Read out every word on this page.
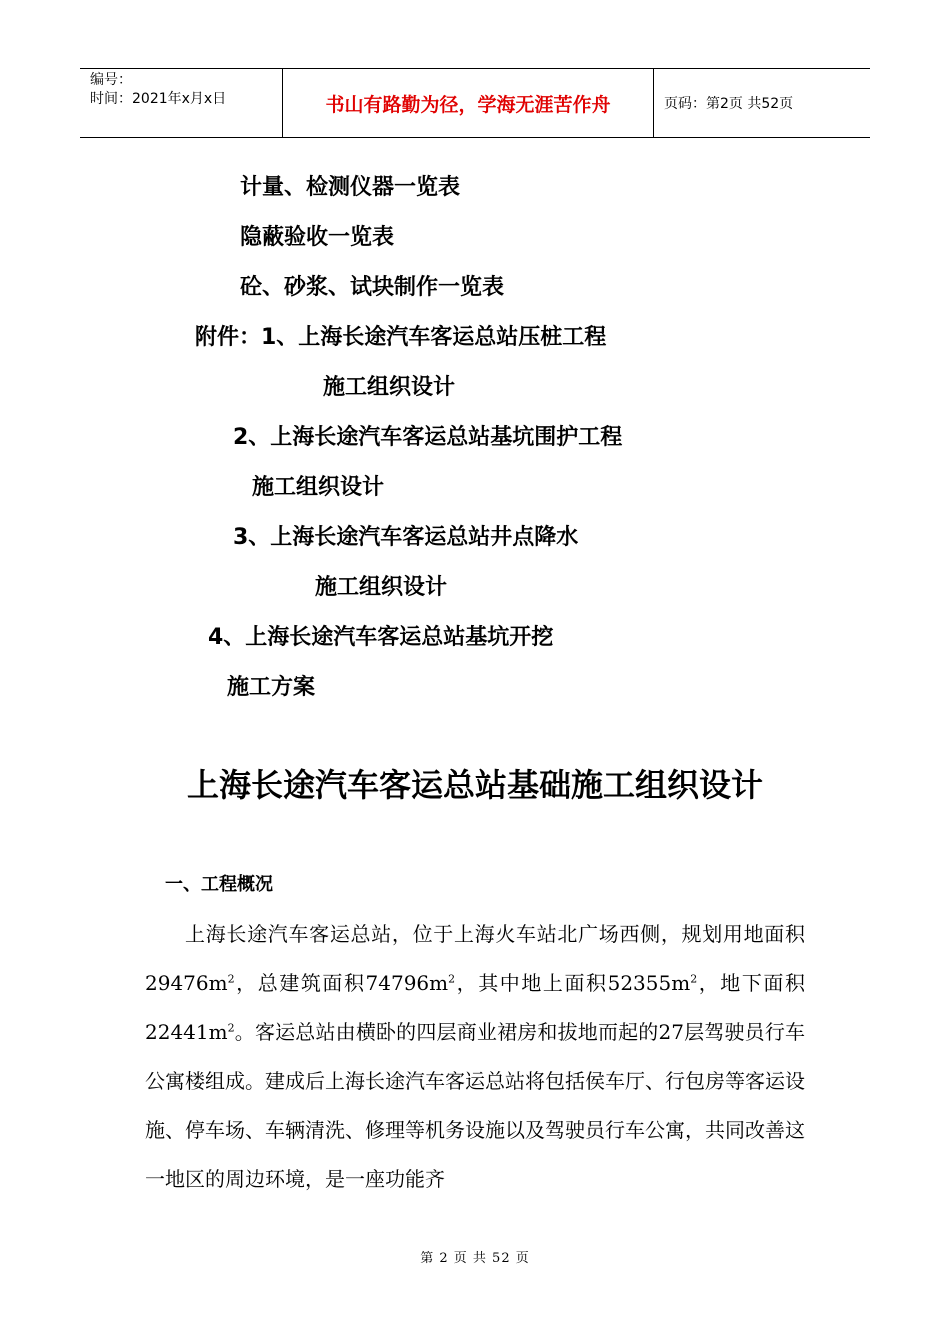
编号：
时间：2021年x月x日	书山有路勤为径，学海无涯苦作舟	页码：第2页 共52页
计量、检测仪器一览表
隐蔽验收一览表
砼、砂浆、试块制作一览表
附件：1、上海长途汽车客运总站压桩工程
施工组织设计
2、上海长途汽车客运总站基坑围护工程
施工组织设计
3、上海长途汽车客运总站井点降水
施工组织设计
4、上海长途汽车客运总站基坑开挖
施工方案
上海长途汽车客运总站基础施工组织设计
一、工程概况

上海长途汽车客运总站，位于上海火车站北广场西侧，规划用地面积$29476m^2$，总建筑面积$74796m^2$，其中地上面积$52355m^2$，地下面积$22441m^2$。客运总站由横卧的四层商业裙房和拔地而起的27层驾驶员行车公寓楼组成。建成后上海长途汽车客运总站将包括侯车厅、行包房等客运设施、停车场、车辆清洗、修理等机务设施以及驾驶员行车公寓，共同改善这一地区的周边环境，是一座功能齐

第 2 页 共 52 页
